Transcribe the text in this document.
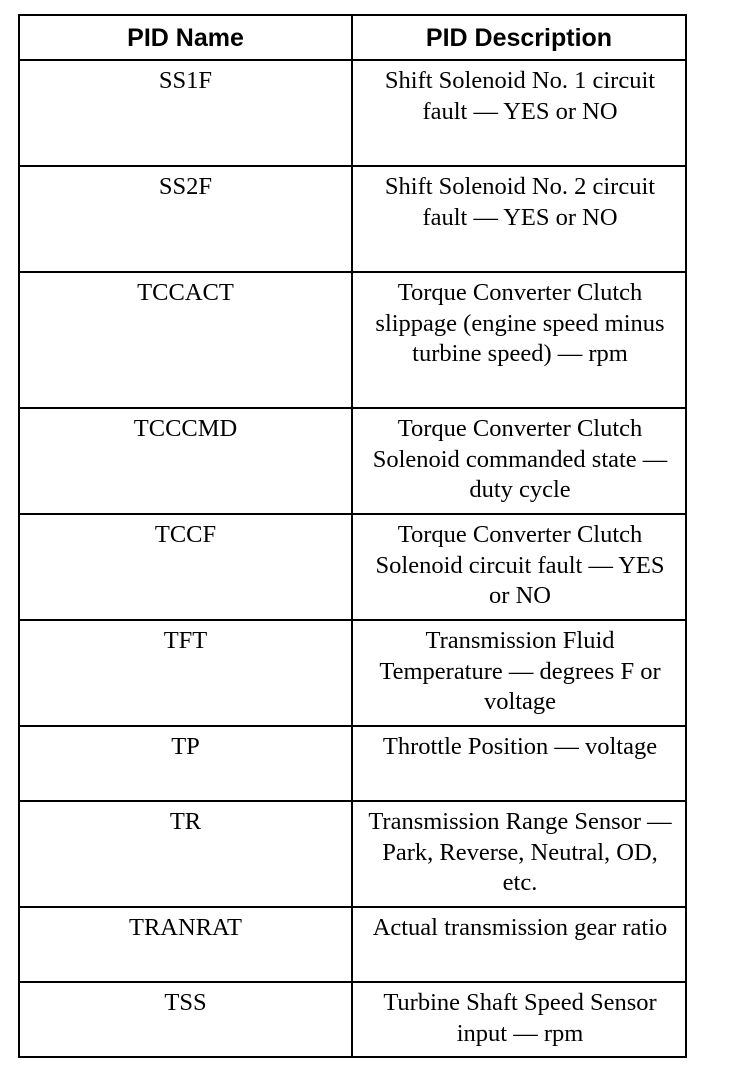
PID Name	PID Description
SS1F	Shift Solenoid No. 1 circuit fault — YES or NO
SS2F	Shift Solenoid No. 2 circuit fault — YES or NO
TCCACT	Torque Converter Clutch slippage (engine speed minus turbine speed) — rpm
TCCCMD	Torque Converter Clutch Solenoid commanded state — duty cycle
TCCF	Torque Converter Clutch Solenoid circuit fault — YES or NO
TFT	Transmission Fluid Temperature — degrees F or voltage
TP	Throttle Position — voltage
TR	Transmission Range Sensor — Park, Reverse, Neutral, OD, etc.
TRANRAT	Actual transmission gear ratio
TSS	Turbine Shaft Speed Sensor input — rpm
